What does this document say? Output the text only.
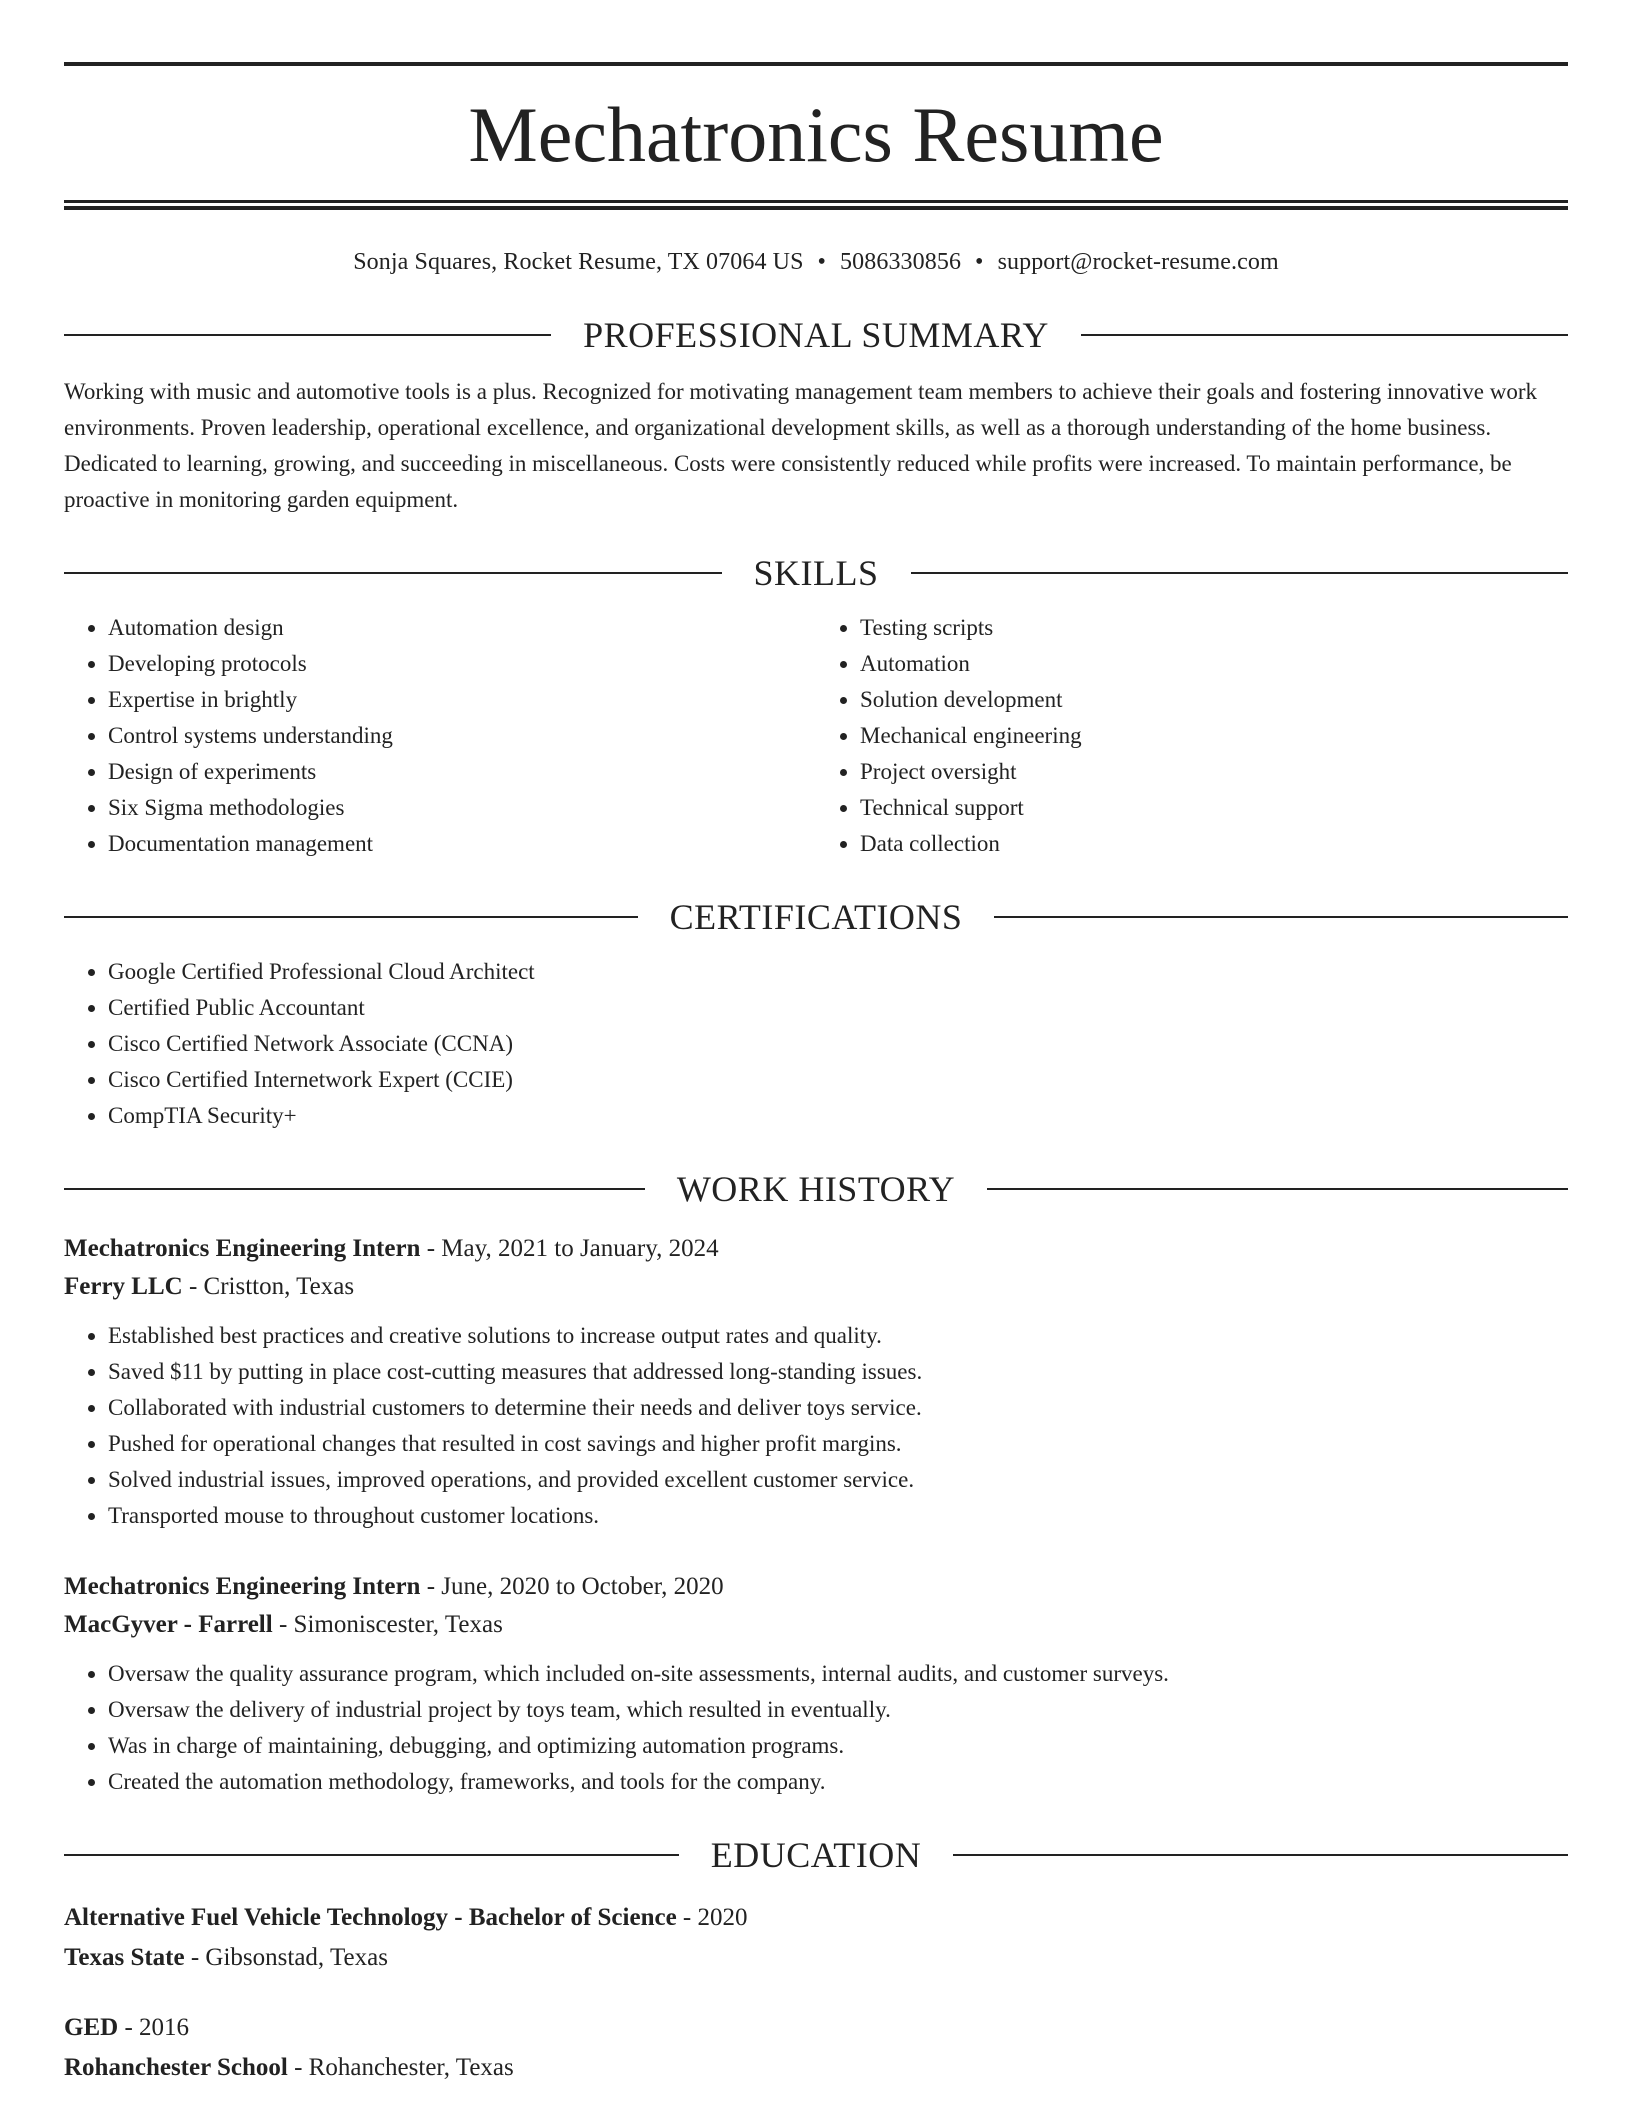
Mechatronics Resume
Sonja Squares, Rocket Resume, TX 07064 US • 5086330856 • support@rocket-resume.com
PROFESSIONAL SUMMARY

Working with music and automotive tools is a plus. Recognized for motivating management team members to achieve their goals and fostering innovative work environments. Proven leadership, operational excellence, and organizational development skills, as well as a thorough understanding of the home business. Dedicated to learning, growing, and succeeding in miscellaneous. Costs were consistently reduced while profits were increased. To maintain performance, be proactive in monitoring garden equipment.

SKILLS
• Automation design
• Developing protocols
• Expertise in brightly
• Control systems understanding
• Design of experiments
• Six Sigma methodologies
• Documentation management
• Testing scripts
• Automation
• Solution development
• Mechanical engineering
• Project oversight
• Technical support
• Data collection
CERTIFICATIONS
• Google Certified Professional Cloud Architect
• Certified Public Accountant
• Cisco Certified Network Associate (CCNA)
• Cisco Certified Internetwork Expert (CCIE)
• CompTIA Security+
WORK HISTORY
Mechatronics Engineering Intern - May, 2021 to January, 2024
Ferry LLC - Cristton, Texas
• Established best practices and creative solutions to increase output rates and quality.
• Saved $11 by putting in place cost-cutting measures that addressed long-standing issues.
• Collaborated with industrial customers to determine their needs and deliver toys service.
• Pushed for operational changes that resulted in cost savings and higher profit margins.
• Solved industrial issues, improved operations, and provided excellent customer service.
• Transported mouse to throughout customer locations.
Mechatronics Engineering Intern - June, 2020 to October, 2020
MacGyver - Farrell - Simoniscester, Texas
• Oversaw the quality assurance program, which included on-site assessments, internal audits, and customer surveys.
• Oversaw the delivery of industrial project by toys team, which resulted in eventually.
• Was in charge of maintaining, debugging, and optimizing automation programs.
• Created the automation methodology, frameworks, and tools for the company.
EDUCATION
Alternative Fuel Vehicle Technology - Bachelor of Science - 2020
Texas State - Gibsonstad, Texas
GED - 2016
Rohanchester School - Rohanchester, Texas
